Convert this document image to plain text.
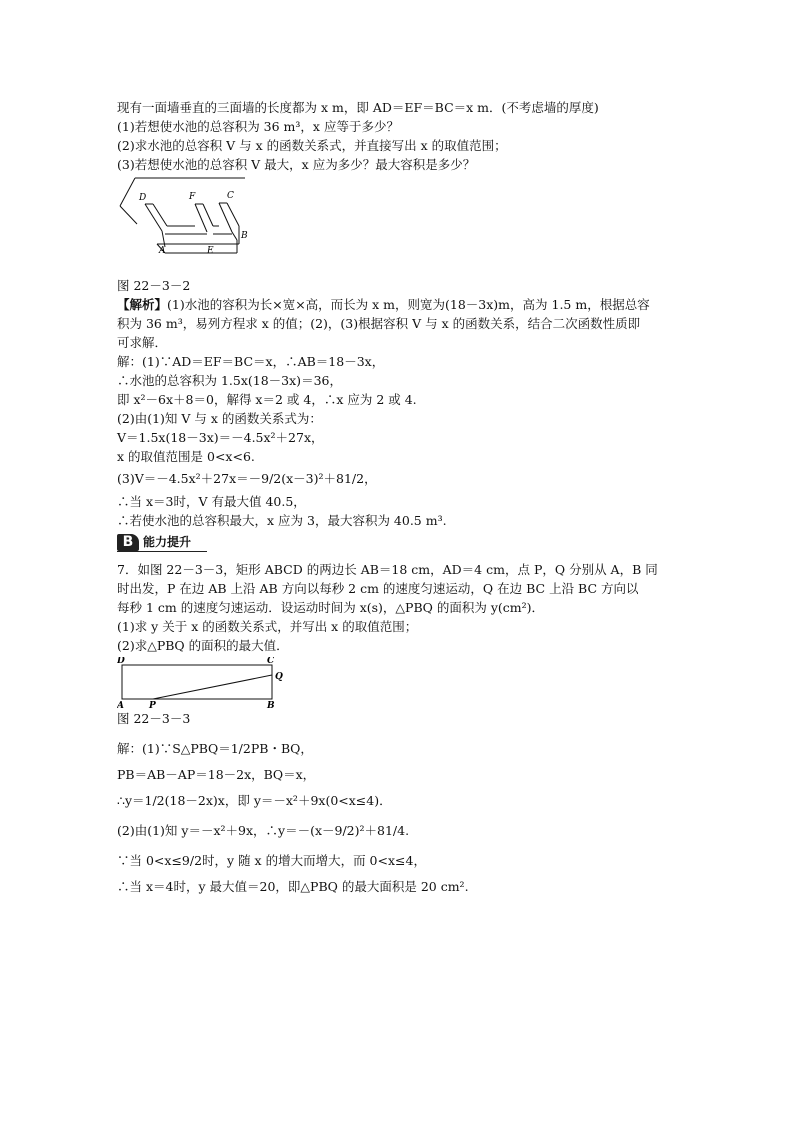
现有一面墙垂直的三面墙的长度都为 x m，即 AD＝EF＝BC＝x m．(不考虑墙的厚度)
(1)若想使水池的总容积为 36 m³，x 应等于多少？
(2)求水池的总容积 V 与 x 的函数关系式，并直接写出 x 的取值范围；
(3)若想使水池的总容积 V 最大，x 应为多少？最大容积是多少？
D	F	C
A	E
B
图 22－3－2
【解析】(1)水池的容积为长×宽×高，而长为 x m，则宽为(18－3x)m，高为 1.5 m，根据总容
积为 36 m³，易列方程求 x 的值；(2)，(3)根据容积 V 与 x 的函数关系，结合二次函数性质即
可求解．
解：(1)∵AD＝EF＝BC＝x，∴AB＝18－3x，
∴水池的总容积为 1.5x(18－3x)＝36，
即 x²－6x＋8＝0，解得 x＝2 或 4，∴x 应为 2 或 4.
(2)由(1)知 V 与 x 的函数关系式为：
V＝1.5x(18－3x)＝－4.5x²＋27x，
x 的取值范围是 0<x<6.
(3)V＝－4.5x²＋27x＝－9/2(x－3)²＋81/2，
∴当 x＝3时，V 有最大值 40.5，
∴若使水池的总容积最大，x 应为 3，最大容积为 40.5 m³.
B 能力提升
7．如图 22－3－3，矩形 ABCD 的两边长 AB＝18 cm，AD＝4 cm，点 P，Q 分别从 A，B 同
时出发，P 在边 AB 上沿 AB 方向以每秒 2 cm 的速度匀速运动，Q 在边 BC 上沿 BC 方向以
每秒 1 cm 的速度匀速运动．设运动时间为 x(s)，△PBQ 的面积为 y(cm²)．
(1)求 y 关于 x 的函数关系式，并写出 x 的取值范围；
(2)求△PBQ 的面积的最大值．
D	C
Q
A	P	B
图 22－3－3
解：(1)∵S△PBQ＝1/2PB・BQ，
PB＝AB－AP＝18－2x，BQ＝x，
∴y＝1/2(18－2x)x，即 y＝－x²＋9x(0<x≤4)．
(2)由(1)知 y＝－x²＋9x，∴y＝－(x－9/2)²＋81/4.
∵当 0<x≤9/2时，y 随 x 的增大而增大，而 0<x≤4，
∴当 x＝4时，y 最大值＝20，即△PBQ 的最大面积是 20 cm².
